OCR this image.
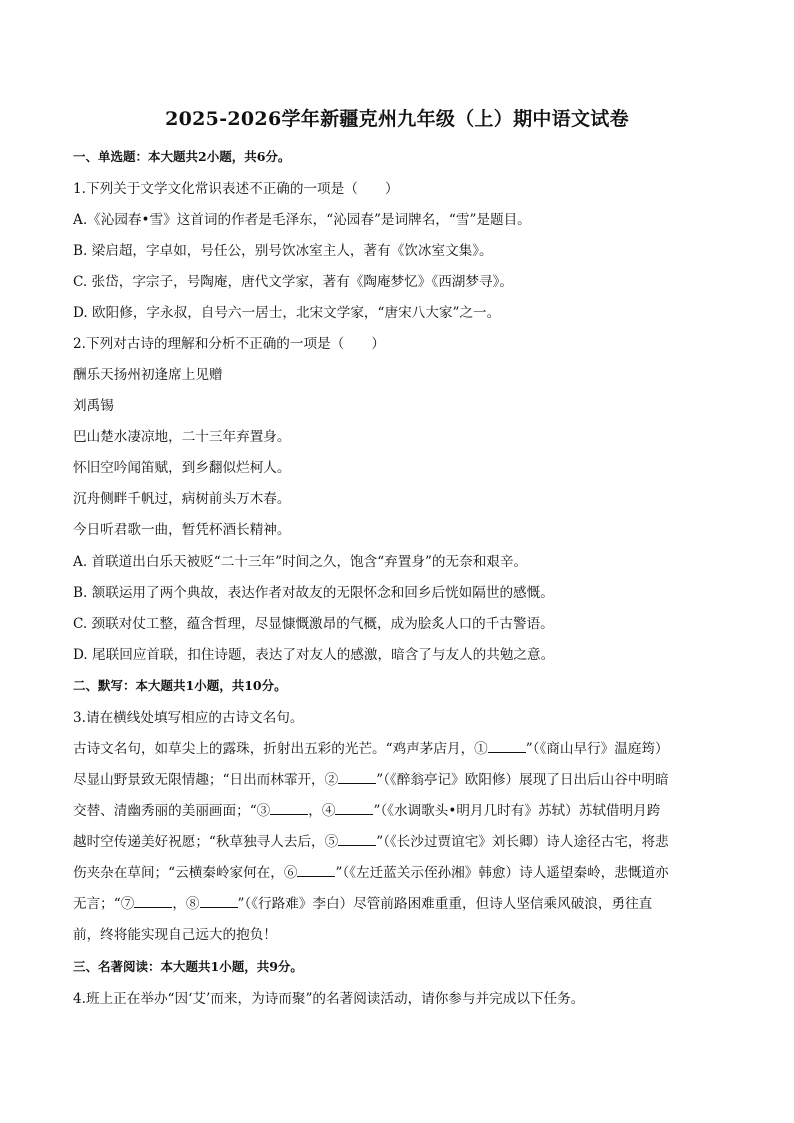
2025-2026学年新疆克州九年级（上）期中语文试卷
一、单选题：本大题共2小题，共6分。
1.下列关于文学文化常识表述不正确的一项是（　　）
A.《沁园春•雪》这首词的作者是毛泽东，“沁园春”是词牌名，“雪”是题目。
B. 梁启超，字卓如，号任公，别号饮冰室主人，著有《饮冰室文集》。
C. 张岱，字宗子，号陶庵，唐代文学家，著有《陶庵梦忆》《西湖梦寻》。
D. 欧阳修，字永叔，自号六一居士，北宋文学家，“唐宋八大家”之一。
2.下列对古诗的理解和分析不正确的一项是（　　）
酬乐天扬州初逢席上见赠
刘禹锡
巴山楚水凄凉地，二十三年弃置身。
怀旧空吟闻笛赋，到乡翻似烂柯人。
沉舟侧畔千帆过，病树前头万木春。
今日听君歌一曲，暂凭杯酒长精神。
A. 首联道出白乐天被贬“二十三年”时间之久，饱含“弃置身”的无奈和艰辛。
B. 颔联运用了两个典故，表达作者对故友的无限怀念和回乡后恍如隔世的感慨。
C. 颈联对仗工整，蕴含哲理，尽显慷慨激昂的气概，成为脍炙人口的千古警语。
D. 尾联回应首联，扣住诗题，表达了对友人的感激，暗含了与友人的共勉之意。
二、默写：本大题共1小题，共10分。
3.请在横线处填写相应的古诗文名句。
古诗文名句，如草尖上的露珠，折射出五彩的光芒。“鸡声茅店月，①	”（《商山早行》温庭筠）
尽显山野景致无限情趣；“日出而林霏开，②	”（《醉翁亭记》欧阳修）展现了日出后山谷中明暗
交替、清幽秀丽的美丽画面；“③	，④	”（《水调歌头•明月几时有》苏轼）苏轼借明月跨
越时空传递美好祝愿；“秋草独寻人去后，⑤	”（《长沙过贾谊宅》刘长卿）诗人途径古宅，将悲
伤夹杂在草间；“云横秦岭家何在，⑥	”（《左迁蓝关示侄孙湘》韩愈）诗人遥望秦岭，悲慨道亦
无言；“⑦	，⑧	”（《行路难》李白）尽管前路困难重重，但诗人坚信乘风破浪，勇往直
前，终将能实现自己远大的抱负！
三、名著阅读：本大题共1小题，共9分。
4.班上正在举办“因‘艾’而来，为诗而聚”的名著阅读活动，请你参与并完成以下任务。
